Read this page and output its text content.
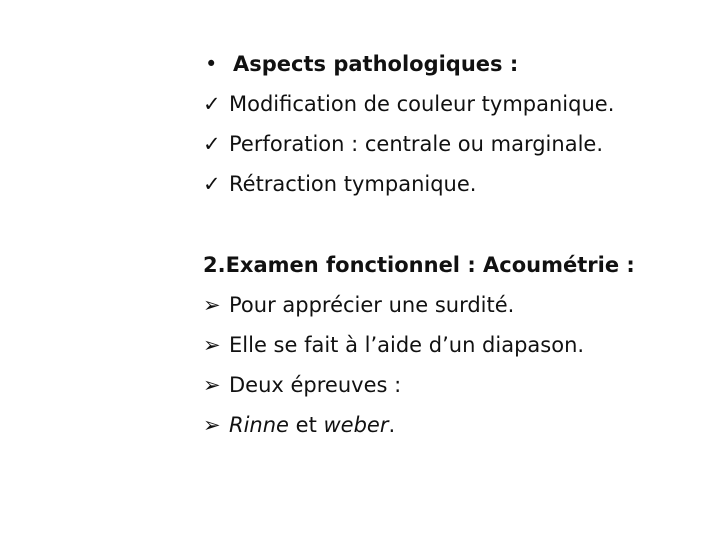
• Aspects pathologiques :
✓ Modification de couleur tympanique.
✓ Perforation : centrale ou marginale.
✓ Rétraction tympanique.
2.Examen fonctionnel : Acoumétrie :
➢ Pour apprécier une surdité.
➢ Elle se fait à l’aide d’un diapason.
➢ Deux épreuves :
➢ Rinne et weber.
